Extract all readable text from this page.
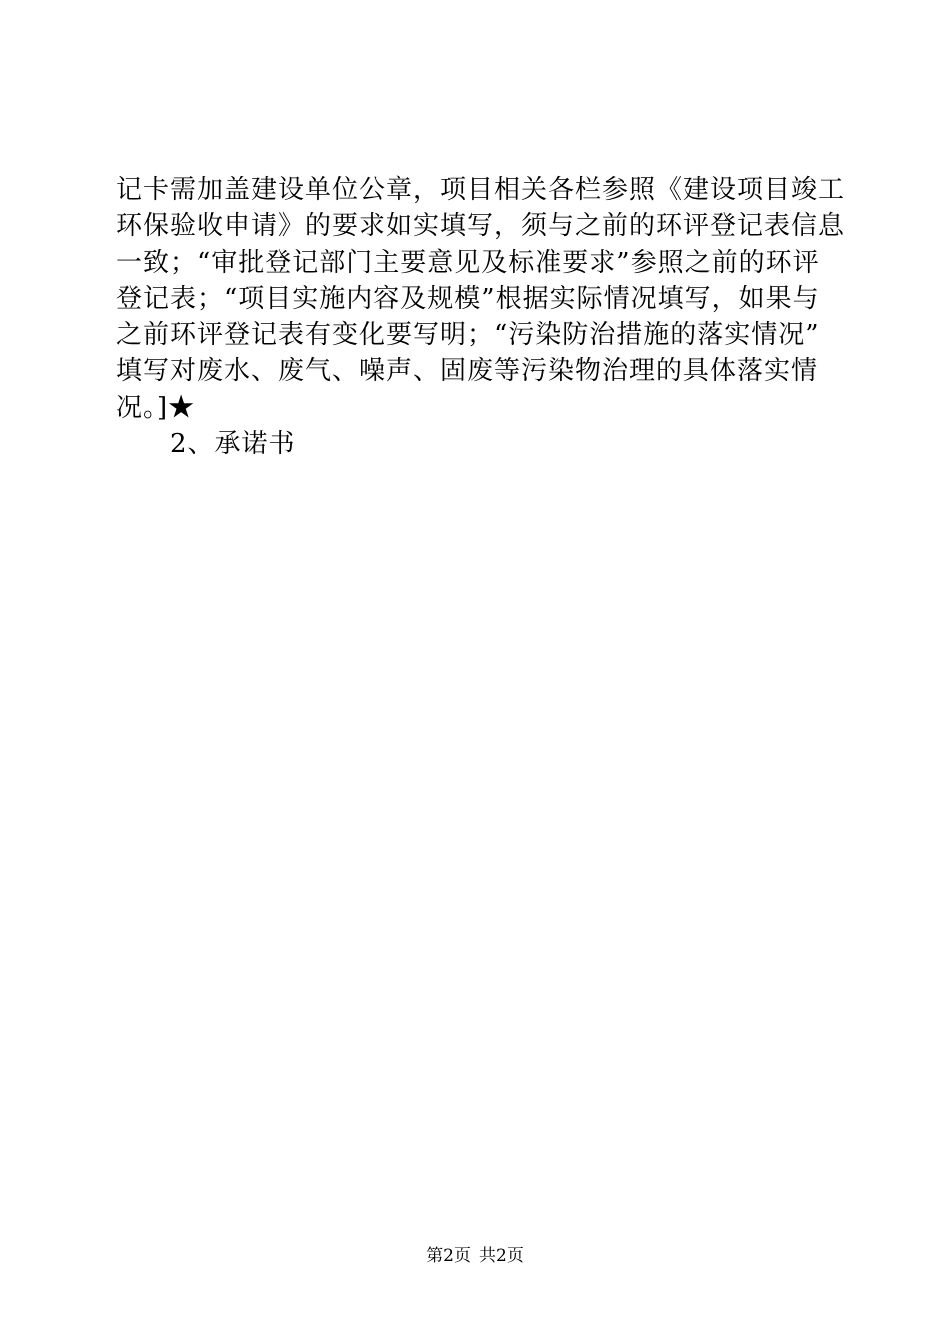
记卡需加盖建设单位公章，项目相关各栏参照《建设项目竣工
环保验收申请》的要求如实填写，须与之前的环评登记表信息
一致；“审批登记部门主要意见及标准要求”参照之前的环评
登记表；“项目实施内容及规模”根据实际情况填写，如果与
之前环评登记表有变化要写明；“污染防治措施的落实情况”
填写对废水、废气、噪声、固废等污染物治理的具体落实情
况。]★
2、承诺书
第2页 共2页
